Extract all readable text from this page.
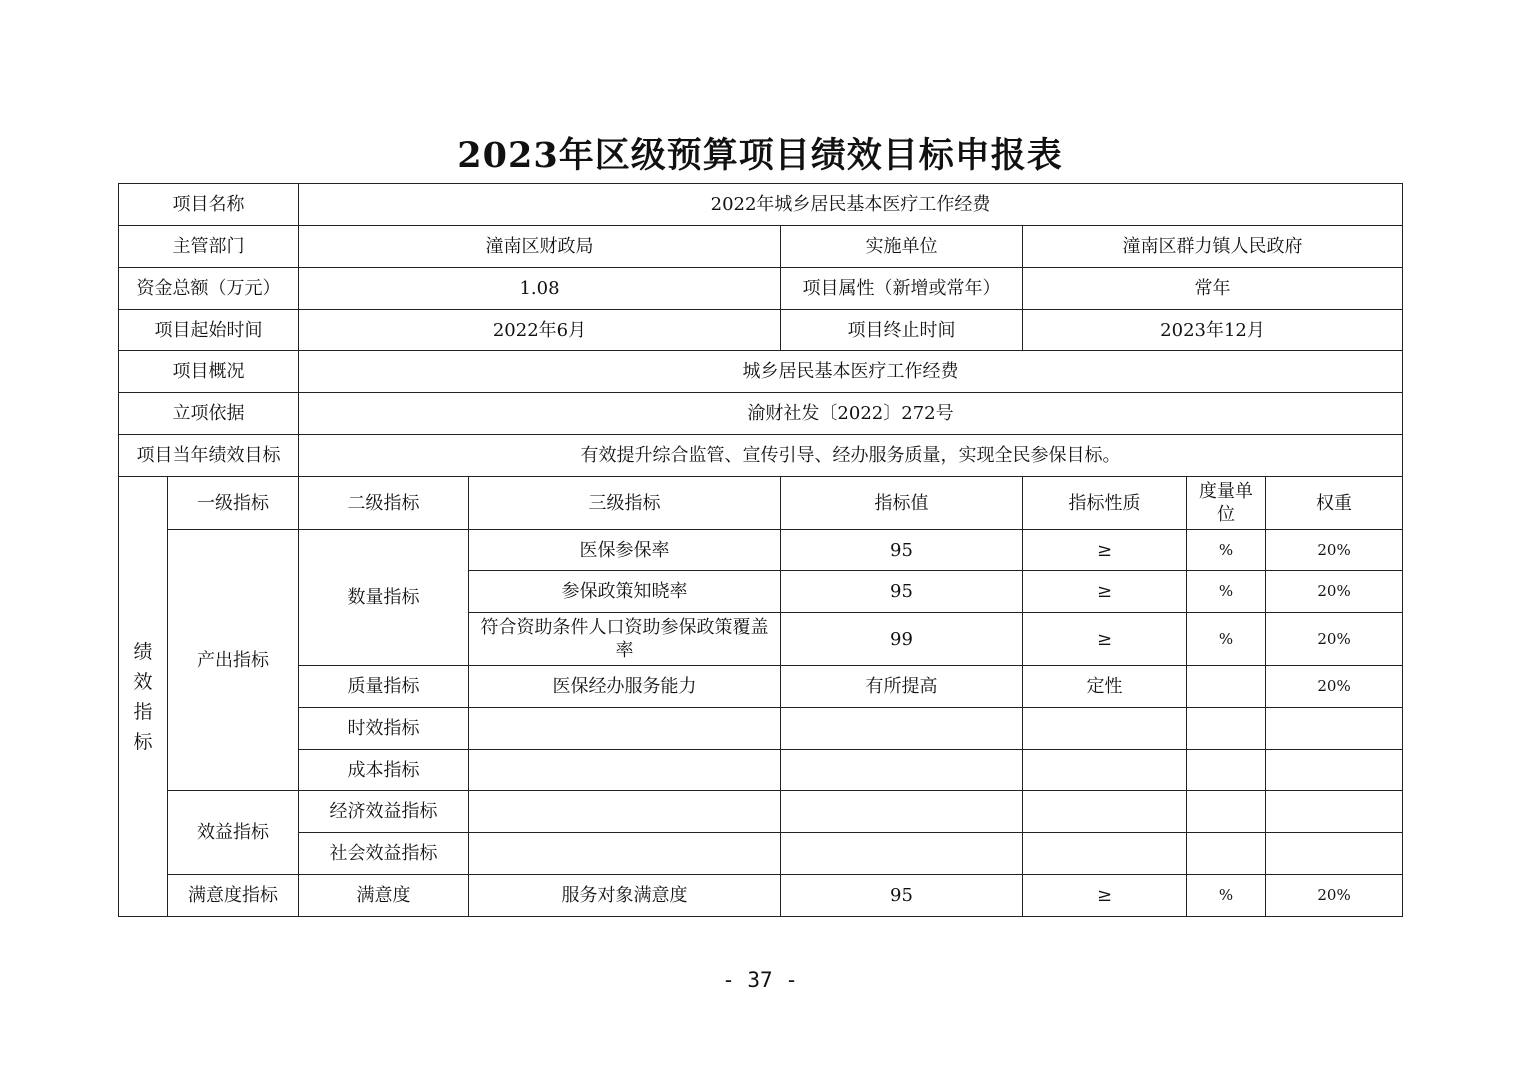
2023年区级预算项目绩效目标申报表
项目名称		2022年城乡居民基本医疗工作经费					
主管部门		潼南区财政局		实施单位	潼南区群力镇人民政府		
资金总额（万元）		1.08		项目属性（新增或常年）	常年		
项目起始时间		2022年6月		项目终止时间	2023年12月		
项目概况		城乡居民基本医疗工作经费					
立项依据		渝财社发〔2022〕272号					
项目当年绩效目标		有效提升综合监管、宣传引导、经办服务质量，实现全民参保目标。					
绩
效
指
标	一级指标	二级指标	三级指标	指标值	指标性质	度量单位	权重
	产出指标	数量指标	医保参保率	95	≥	%	20%
			参保政策知晓率	95	≥	%	20%
			符合资助条件人口资助参保政策覆盖率	99	≥	%	20%
		质量指标	医保经办服务能力	有所提高	定性		20%
		时效指标					
		成本指标					
	效益指标	经济效益指标					
		社会效益指标					
	满意度指标	满意度	服务对象满意度	95	≥	%	20%
- 37 -
